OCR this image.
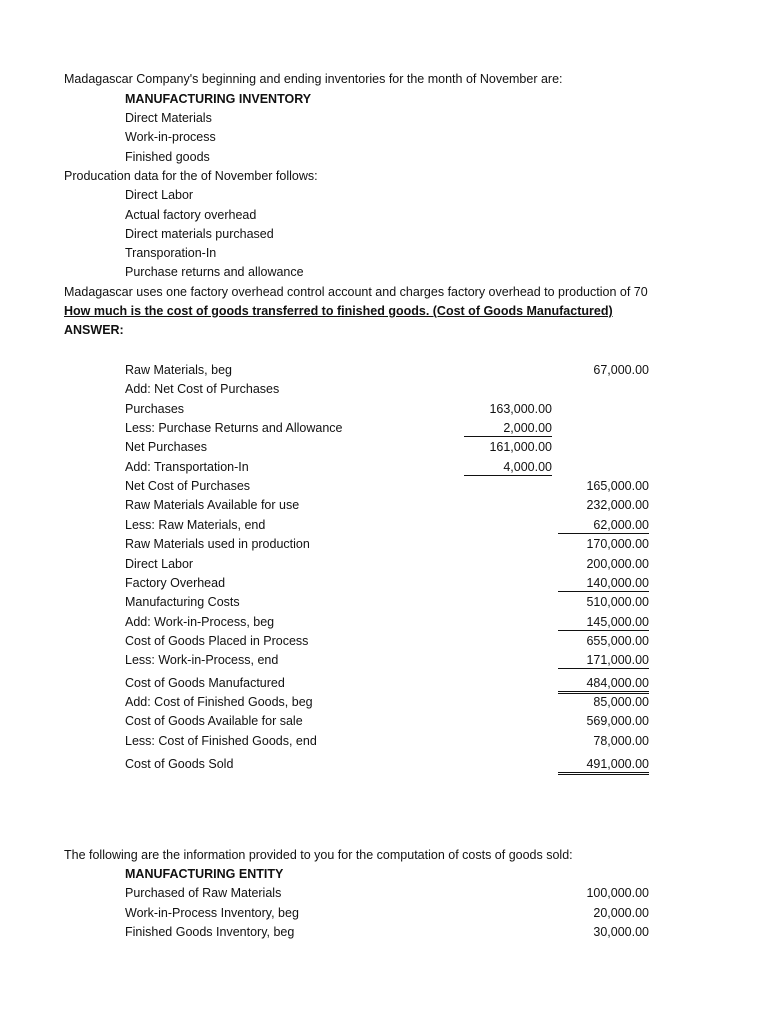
Madagascar Company's beginning and ending inventories for the month of November are:
MANUFACTURING INVENTORY
Direct Materials
Work-in-process
Finished goods
Producation data for the of November follows:
Direct Labor
Actual factory overhead
Direct materials purchased
Transporation-In
Purchase returns and allowance
Madagascar uses one factory overhead control account and charges factory overhead to production of 70
How much is the cost of goods transferred to finished goods. (Cost of Goods Manufactured)
ANSWER:
Raw Materials, beg	67,000.00
Add: Net Cost of Purchases
Purchases	163,000.00
Less: Purchase Returns and Allowance	2,000.00
Net Purchases	161,000.00
Add: Transportation-In	4,000.00
Net Cost of Purchases	165,000.00
Raw Materials Available for use	232,000.00
Less: Raw Materials, end	62,000.00
Raw Materials used in production	170,000.00
Direct Labor	200,000.00
Factory Overhead	140,000.00
Manufacturing Costs	510,000.00
Add: Work-in-Process, beg	145,000.00
Cost of Goods Placed in Process	655,000.00
Less: Work-in-Process, end	171,000.00
Cost of Goods Manufactured	484,000.00
Add: Cost of Finished Goods, beg	85,000.00
Cost of Goods Available for sale	569,000.00
Less: Cost of Finished Goods, end	78,000.00
Cost of Goods Sold	491,000.00
The following are the information provided to you for the computation of costs of goods sold:
MANUFACTURING ENTITY
Purchased of Raw Materials	100,000.00
Work-in-Process Inventory, beg	20,000.00
Finished Goods Inventory, beg	30,000.00
